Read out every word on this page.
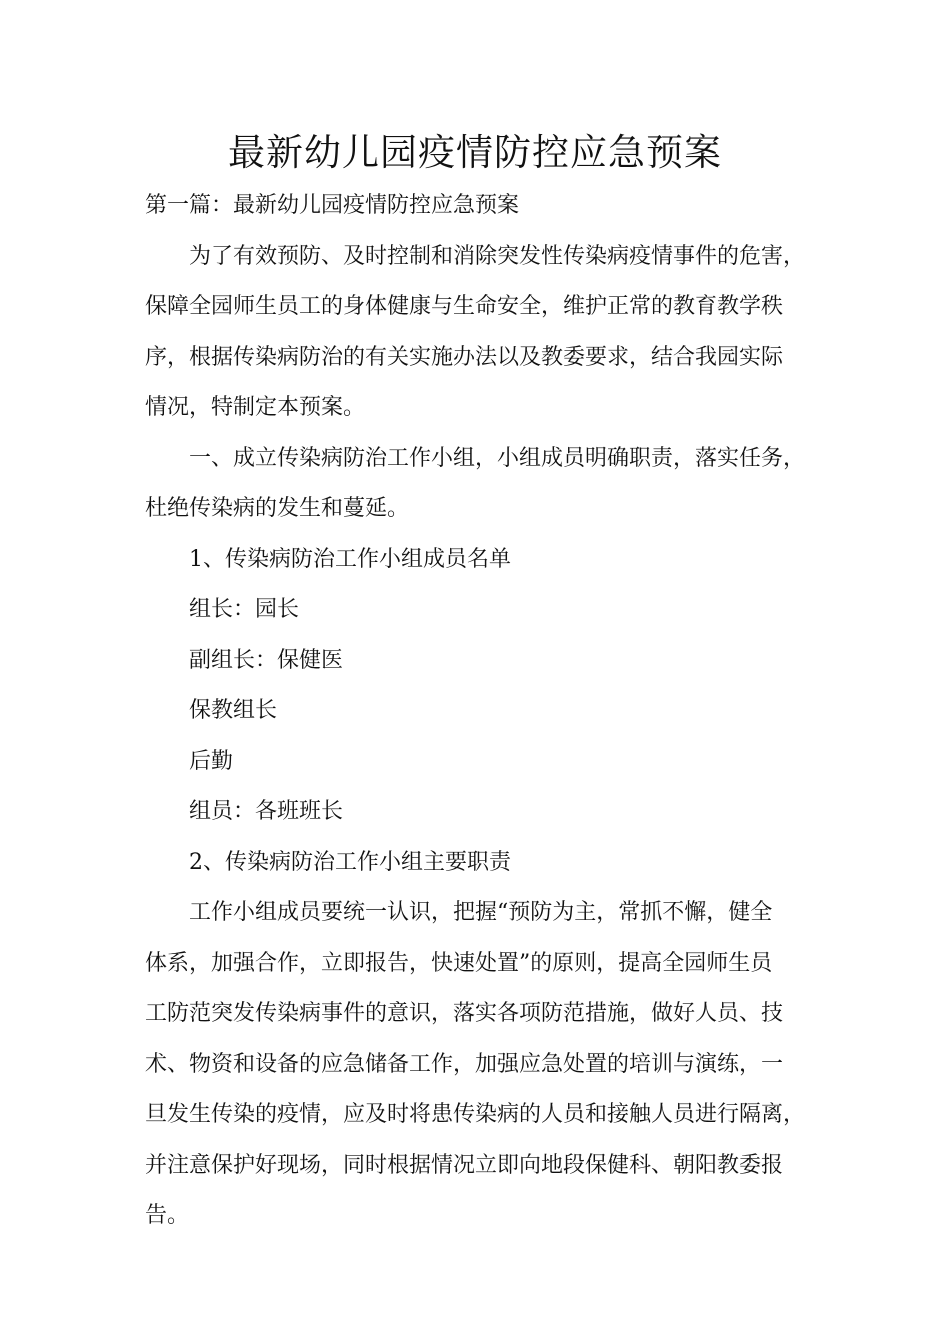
最新幼儿园疫情防控应急预案
第一篇：最新幼儿园疫情防控应急预案
为了有效预防、及时控制和消除突发性传染病疫情事件的危害，
保障全园师生员工的身体健康与生命安全，维护正常的教育教学秩
序，根据传染病防治的有关实施办法以及教委要求，结合我园实际
情况，特制定本预案。
一、成立传染病防治工作小组，小组成员明确职责，落实任务，
杜绝传染病的发生和蔓延。
1、传染病防治工作小组成员名单
组长：园长
副组长：保健医
保教组长
后勤
组员：各班班长
2、传染病防治工作小组主要职责
工作小组成员要统一认识，把握“预防为主，常抓不懈，健全
体系，加强合作，立即报告，快速处置”的原则，提高全园师生员
工防范突发传染病事件的意识，落实各项防范措施，做好人员、技
术、物资和设备的应急储备工作，加强应急处置的培训与演练，一
旦发生传染的疫情，应及时将患传染病的人员和接触人员进行隔离，
并注意保护好现场，同时根据情况立即向地段保健科、朝阳教委报
告。
